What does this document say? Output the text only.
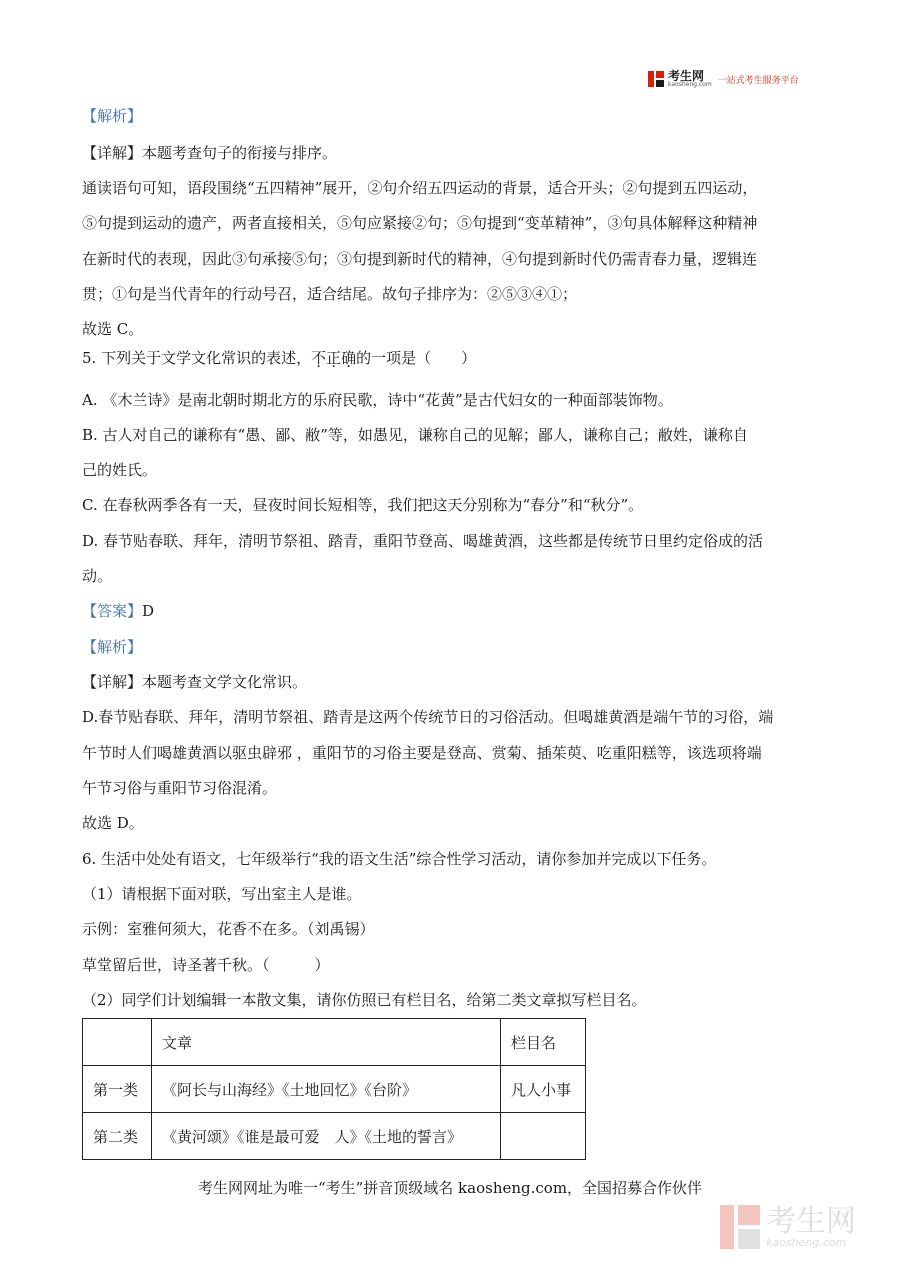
考生网
kaosheng.com 一站式考生服务平台
【解析】
【详解】本题考查句子的衔接与排序。
通读语句可知，语段围绕“五四精神”展开，②句介绍五四运动的背景，适合开头；②句提到五四运动，
⑤句提到运动的遗产，两者直接相关，⑤句应紧接②句；⑤句提到“变革精神”，③句具体解释这种精神
在新时代的表现，因此③句承接⑤句；③句提到新时代的精神，④句提到新时代仍需青春力量，逻辑连
贯；①句是当代青年的行动号召，适合结尾。故句子排序为：②⑤③④①；
故选 C。
5. 下列关于文学文化常识的表述，不正确的一项是（　　）
A. 《木兰诗》是南北朝时期北方的乐府民歌，诗中“花黄”是古代妇女的一种面部装饰物。
B. 古人对自己的谦称有“愚、鄙、敝”等，如愚见，谦称自己的见解；鄙人，谦称自己；敝姓，谦称自
己的姓氏。
C. 在春秋两季各有一天，昼夜时间长短相等，我们把这天分别称为“春分”和“秋分”。
D. 春节贴春联、拜年，清明节祭祖、踏青，重阳节登高、喝雄黄酒，这些都是传统节日里约定俗成的活
动。
【答案】D
【解析】
【详解】本题考查文学文化常识。
D.春节贴春联、拜年，清明节祭祖、踏青是这两个传统节日的习俗活动。但喝雄黄酒是端午节的习俗，端
午节时人们喝雄黄酒以驱虫辟邪 ，重阳节的习俗主要是登高、赏菊、插茱萸、吃重阳糕等，该选项将端
午节习俗与重阳节习俗混淆。
故选 D。
6. 生活中处处有语文，七年级举行“我的语文生活”综合性学习活动，请你参加并完成以下任务。
（1）请根据下面对联，写出室主人是谁。
示例：室雅何须大，花香不在多。（刘禹锡）
草堂留后世，诗圣著千秋。（　　　）
（2）同学们计划编辑一本散文集，请你仿照已有栏目名，给第二类文章拟写栏目名。
	文章	栏目名
第一类	《阿长与山海经》《土地回忆》《台阶》	凡人小事
第二类	《黄河颂》《谁是最可爱　人》《土地的誓言》	
考生网网址为唯一“考生”拼音顶级域名 kaosheng.com，全国招募合作伙伴
考生网
kaosheng.com
